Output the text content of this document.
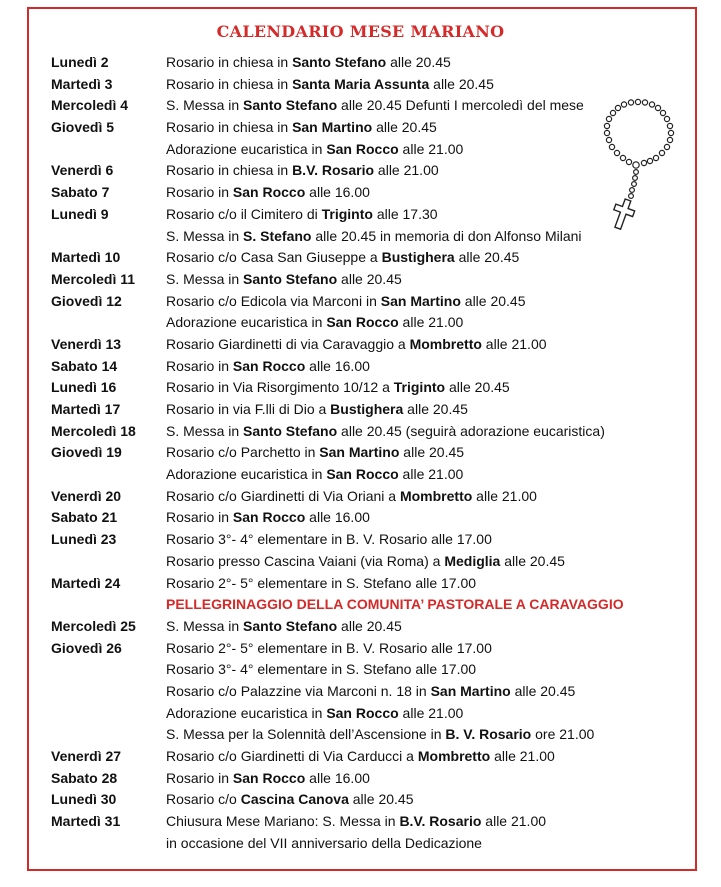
CALENDARIO MESE MARIANO
Lunedì 2	Rosario in chiesa in Santo Stefano alle 20.45
Martedì 3	Rosario in chiesa in Santa Maria Assunta alle 20.45
Mercoledì 4	S. Messa in Santo Stefano alle 20.45 Defunti I mercoledì del mese
Giovedì 5	Rosario in chiesa in San Martino alle 20.45
Adorazione eucaristica in San Rocco alle 21.00
Venerdì 6	Rosario in chiesa in B.V. Rosario alle 21.00
Sabato 7	Rosario in San Rocco alle 16.00
Lunedì 9	Rosario c/o il Cimitero di Triginto alle 17.30
S. Messa in S. Stefano alle 20.45 in memoria di don Alfonso Milani
Martedì 10	Rosario c/o Casa San Giuseppe a Bustighera alle 20.45
Mercoledì 11 S. Messa in Santo Stefano alle 20.45
Giovedì 12	Rosario c/o Edicola via Marconi in San Martino alle 20.45
Adorazione eucaristica in San Rocco alle 21.00
Venerdì 13	Rosario Giardinetti di via Caravaggio a Mombretto alle 21.00
Sabato 14	Rosario in San Rocco alle 16.00
Lunedì 16	Rosario in Via Risorgimento 10/12 a Triginto alle 20.45
Martedì 17	Rosario in via F.lli di Dio a Bustighera alle 20.45
Mercoledì 18 S. Messa in Santo Stefano alle 20.45 (seguirà adorazione eucaristica)
Giovedì 19	Rosario c/o Parchetto in San Martino alle 20.45
Adorazione eucaristica in San Rocco alle 21.00
Venerdì 20	Rosario c/o Giardinetti di Via Oriani a Mombretto alle 21.00
Sabato 21	Rosario in San Rocco alle 16.00
Lunedì 23	Rosario 3°- 4° elementare in B. V. Rosario alle 17.00
Rosario presso Cascina Vaiani (via Roma) a Mediglia alle 20.45
Martedì 24	Rosario 2°- 5° elementare in S. Stefano alle 17.00
PELLEGRINAGGIO DELLA COMUNITA’ PASTORALE A CARAVAGGIO
Mercoledì 25 S. Messa in Santo Stefano alle 20.45
Giovedì 26	Rosario 2°- 5° elementare in B. V. Rosario alle 17.00
Rosario 3°- 4° elementare in S. Stefano alle 17.00
Rosario c/o Palazzine via Marconi n. 18 in San Martino alle 20.45
Adorazione eucaristica in San Rocco alle 21.00
S. Messa per la Solennità dell’Ascensione in B. V. Rosario ore 21.00
Venerdì 27	Rosario c/o Giardinetti di Via Carducci a Mombretto alle 21.00
Sabato 28	Rosario in San Rocco alle 16.00
Lunedì 30	Rosario c/o Cascina Canova alle 20.45
Martedì 31	Chiusura Mese Mariano: S. Messa in B.V. Rosario alle 21.00
in occasione del VII anniversario della Dedicazione
